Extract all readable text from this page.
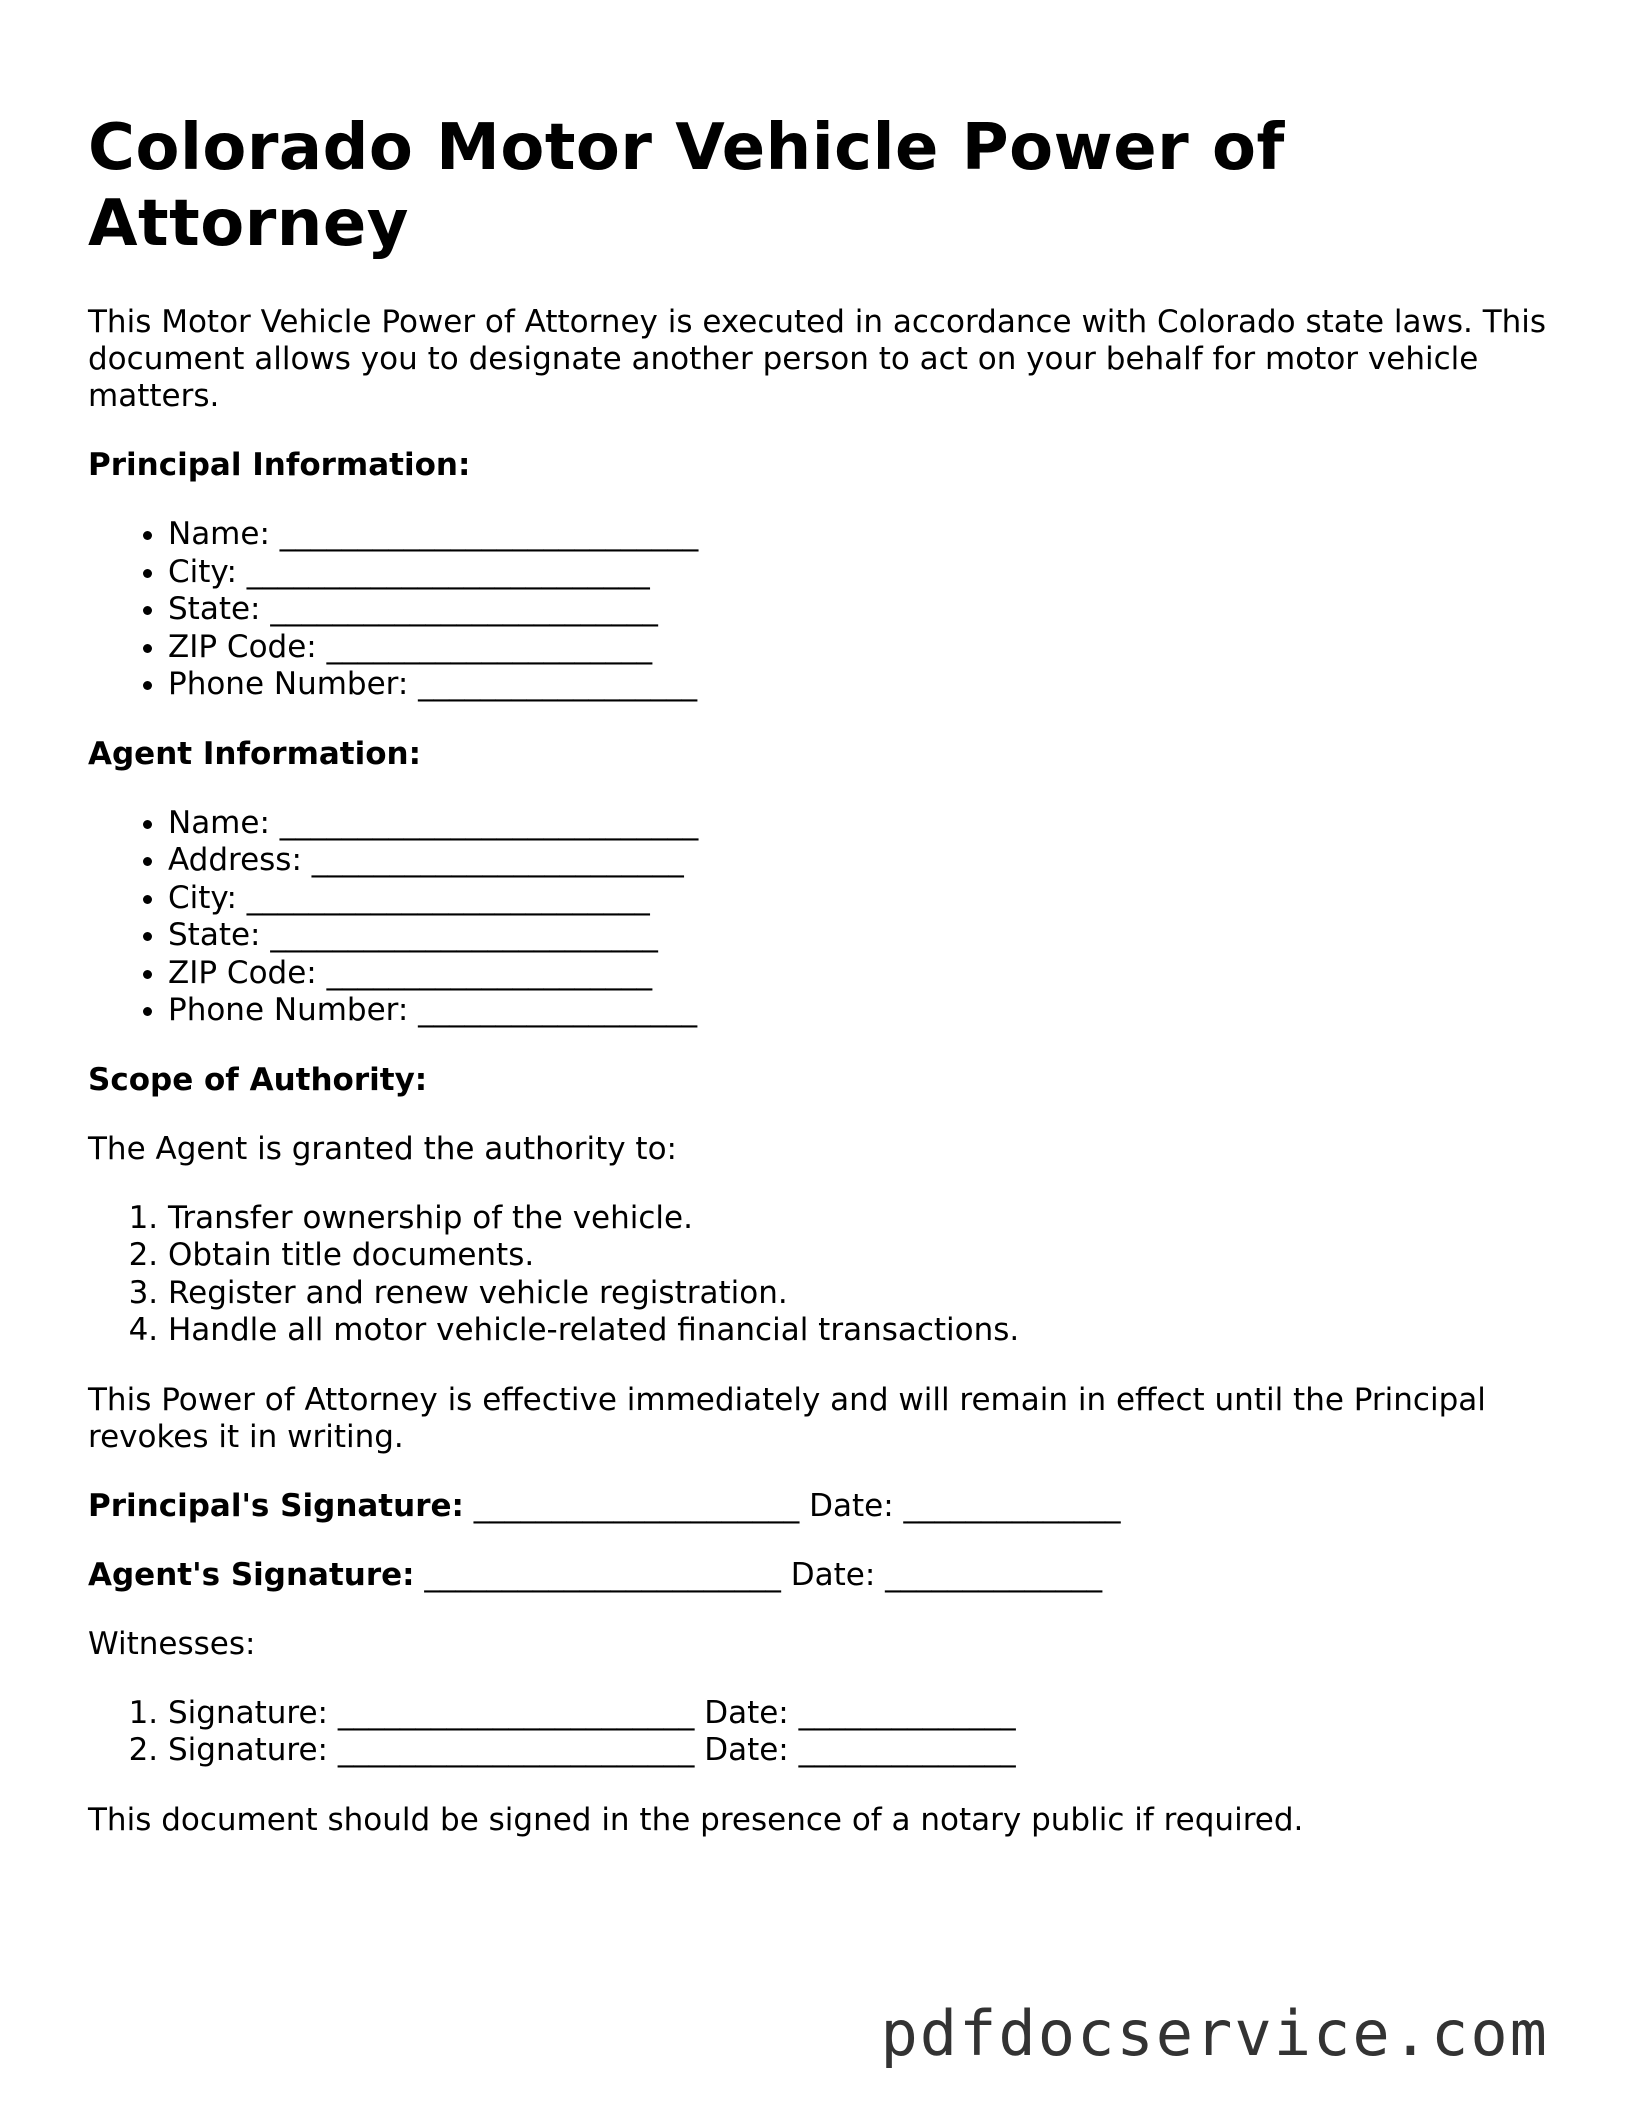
Colorado Motor Vehicle Power of Attorney

This Motor Vehicle Power of Attorney is executed in accordance with Colorado state laws. This document allows you to designate another person to act on your behalf for motor vehicle matters.

Principal Information:
• Name: ___________________________
• City: __________________________
• State: _________________________
• ZIP Code: _____________________
• Phone Number: __________________
Agent Information:
• Name: ___________________________
• Address: ________________________
• City: __________________________
• State: _________________________
• ZIP Code: _____________________
• Phone Number: __________________
Scope of Authority:

The Agent is granted the authority to:

1. Transfer ownership of the vehicle.
2. Obtain title documents.
3. Register and renew vehicle registration.
4. Handle all motor vehicle-related financial transactions.

This Power of Attorney is effective immediately and will remain in effect until the Principal revokes it in writing.

Principal's Signature: _____________________ Date: ______________
Agent's Signature: _______________________ Date: ______________

Witnesses:

1. Signature: _______________________ Date: ______________
2. Signature: _______________________ Date: ______________

This document should be signed in the presence of a notary public if required.

pdfdocservice.com
